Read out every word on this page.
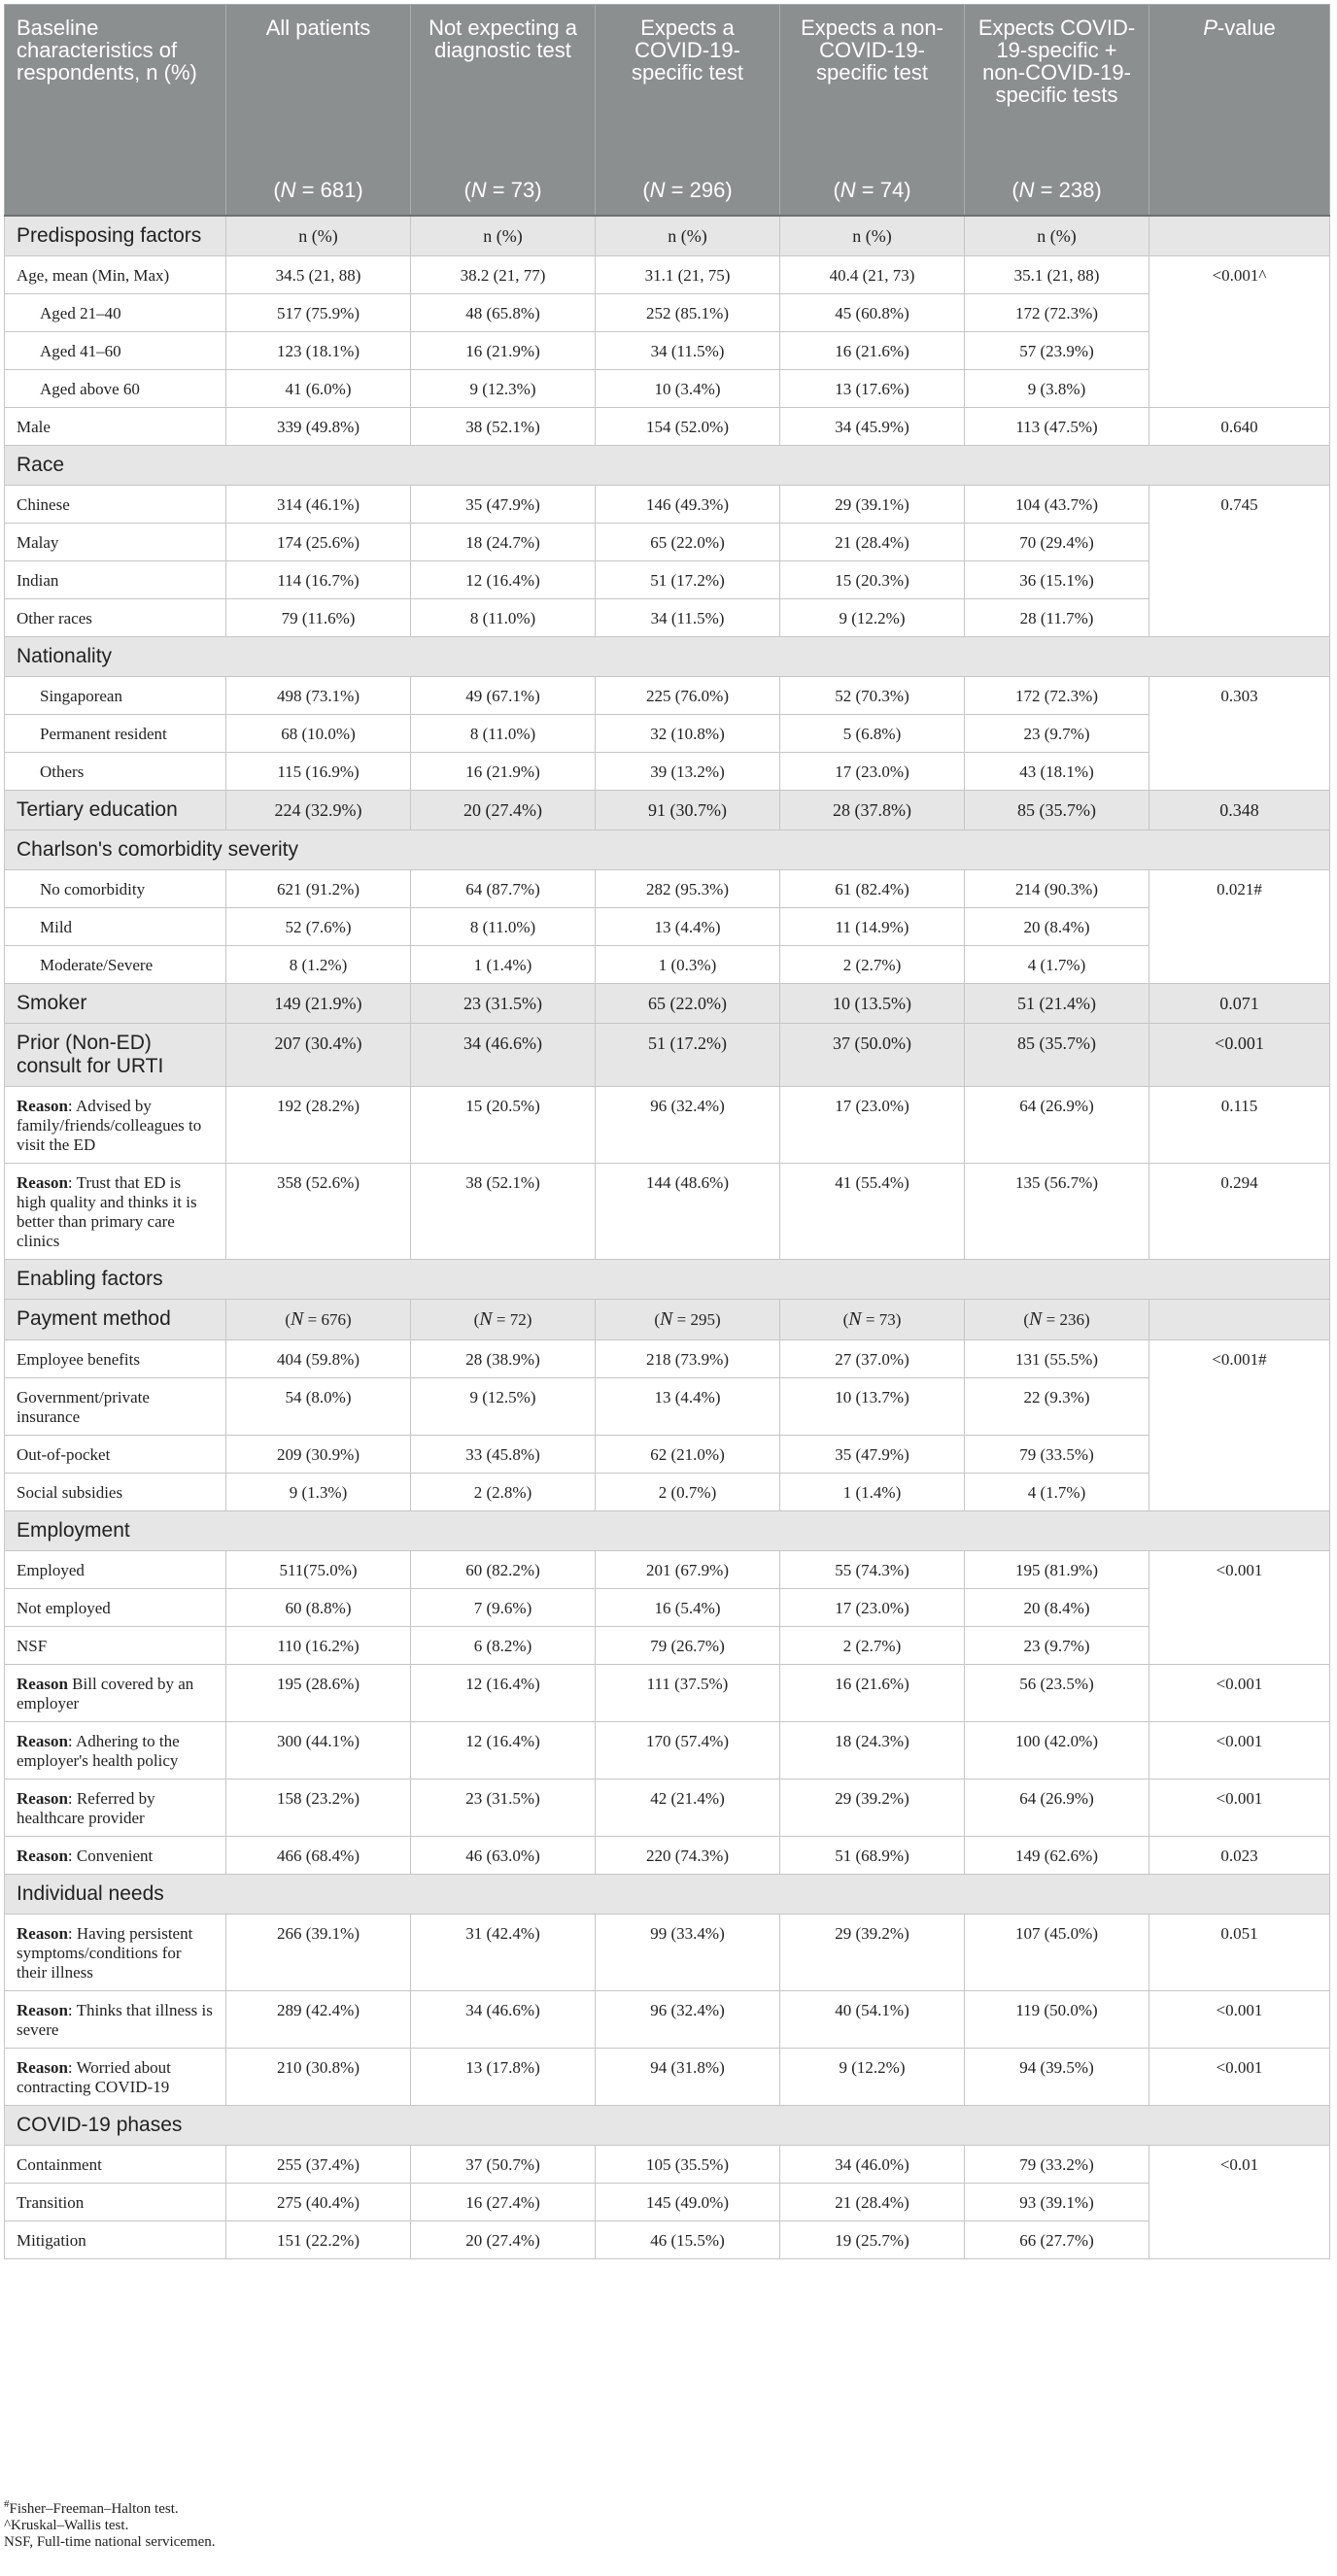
Baseline characteristics of respondents, n (%)	All patients	Not expecting a diagnostic test	Expects a COVID-19-specific test	Expects a non-COVID-19-specific test	Expects COVID-19-specific + non-COVID-19-specific tests	P-value
	(N = 681)	(N = 73)	(N = 296)	(N = 74)	(N = 238)	
Predisposing factors	n (%)	n (%)	n (%)	n (%)	n (%)	
Age, mean (Min, Max)	34.5 (21, 88)	38.2 (21, 77)	31.1 (21, 75)	40.4 (21, 73)	35.1 (21, 88)	<0.001^
Aged 21–40	517 (75.9%)	48 (65.8%)	252 (85.1%)	45 (60.8%)	172 (72.3%)	
Aged 41–60	123 (18.1%)	16 (21.9%)	34 (11.5%)	16 (21.6%)	57 (23.9%)	
Aged above 60	41 (6.0%)	9 (12.3%)	10 (3.4%)	13 (17.6%)	9 (3.8%)	
Male	339 (49.8%)	38 (52.1%)	154 (52.0%)	34 (45.9%)	113 (47.5%)	0.640
Race						
Chinese	314 (46.1%)	35 (47.9%)	146 (49.3%)	29 (39.1%)	104 (43.7%)	0.745
Malay	174 (25.6%)	18 (24.7%)	65 (22.0%)	21 (28.4%)	70 (29.4%)	
Indian	114 (16.7%)	12 (16.4%)	51 (17.2%)	15 (20.3%)	36 (15.1%)	
Other races	79 (11.6%)	8 (11.0%)	34 (11.5%)	9 (12.2%)	28 (11.7%)	
Nationality						
Singaporean	498 (73.1%)	49 (67.1%)	225 (76.0%)	52 (70.3%)	172 (72.3%)	0.303
Permanent resident	68 (10.0%)	8 (11.0%)	32 (10.8%)	5 (6.8%)	23 (9.7%)	
Others	115 (16.9%)	16 (21.9%)	39 (13.2%)	17 (23.0%)	43 (18.1%)	
Tertiary education	224 (32.9%)	20 (27.4%)	91 (30.7%)	28 (37.8%)	85 (35.7%)	0.348
Charlson's comorbidity severity						
No comorbidity	621 (91.2%)	64 (87.7%)	282 (95.3%)	61 (82.4%)	214 (90.3%)	0.021#
Mild	52 (7.6%)	8 (11.0%)	13 (4.4%)	11 (14.9%)	20 (8.4%)	
Moderate/Severe	8 (1.2%)	1 (1.4%)	1 (0.3%)	2 (2.7%)	4 (1.7%)	
Smoker	149 (21.9%)	23 (31.5%)	65 (22.0%)	10 (13.5%)	51 (21.4%)	0.071
Prior (Non-ED) consult for URTI	207 (30.4%)	34 (46.6%)	51 (17.2%)	37 (50.0%)	85 (35.7%)	<0.001
Reason: Advised by family/friends/colleagues to visit the ED	192 (28.2%)	15 (20.5%)	96 (32.4%)	17 (23.0%)	64 (26.9%)	0.115
Reason: Trust that ED is high quality and thinks it is better than primary care clinics	358 (52.6%)	38 (52.1%)	144 (48.6%)	41 (55.4%)	135 (56.7%)	0.294
Enabling factors						
Payment method	(N = 676)	(N = 72)	(N = 295)	(N = 73)	(N = 236)	
Employee benefits	404 (59.8%)	28 (38.9%)	218 (73.9%)	27 (37.0%)	131 (55.5%)	<0.001#
Government/private insurance	54 (8.0%)	9 (12.5%)	13 (4.4%)	10 (13.7%)	22 (9.3%)	
Out-of-pocket	209 (30.9%)	33 (45.8%)	62 (21.0%)	35 (47.9%)	79 (33.5%)	
Social subsidies	9 (1.3%)	2 (2.8%)	2 (0.7%)	1 (1.4%)	4 (1.7%)	
Employment						
Employed	511(75.0%)	60 (82.2%)	201 (67.9%)	55 (74.3%)	195 (81.9%)	<0.001
Not employed	60 (8.8%)	7 (9.6%)	16 (5.4%)	17 (23.0%)	20 (8.4%)	
NSF	110 (16.2%)	6 (8.2%)	79 (26.7%)	2 (2.7%)	23 (9.7%)	
Reason Bill covered by an employer	195 (28.6%)	12 (16.4%)	111 (37.5%)	16 (21.6%)	56 (23.5%)	<0.001
Reason: Adhering to the employer's health policy	300 (44.1%)	12 (16.4%)	170 (57.4%)	18 (24.3%)	100 (42.0%)	<0.001
Reason: Referred by healthcare provider	158 (23.2%)	23 (31.5%)	42 (21.4%)	29 (39.2%)	64 (26.9%)	<0.001
Reason: Convenient	466 (68.4%)	46 (63.0%)	220 (74.3%)	51 (68.9%)	149 (62.6%)	0.023
Individual needs						
Reason: Having persistent symptoms/conditions for their illness	266 (39.1%)	31 (42.4%)	99 (33.4%)	29 (39.2%)	107 (45.0%)	0.051
Reason: Thinks that illness is severe	289 (42.4%)	34 (46.6%)	96 (32.4%)	40 (54.1%)	119 (50.0%)	<0.001
Reason: Worried about contracting COVID-19	210 (30.8%)	13 (17.8%)	94 (31.8%)	9 (12.2%)	94 (39.5%)	<0.001
COVID-19 phases						
Containment	255 (37.4%)	37 (50.7%)	105 (35.5%)	34 (46.0%)	79 (33.2%)	<0.01
Transition	275 (40.4%)	16 (27.4%)	145 (49.0%)	21 (28.4%)	93 (39.1%)	
Mitigation	151 (22.2%)	20 (27.4%)	46 (15.5%)	19 (25.7%)	66 (27.7%)	
#Fisher–Freeman–Halton test.
^Kruskal–Wallis test.
NSF, Full-time national servicemen.
